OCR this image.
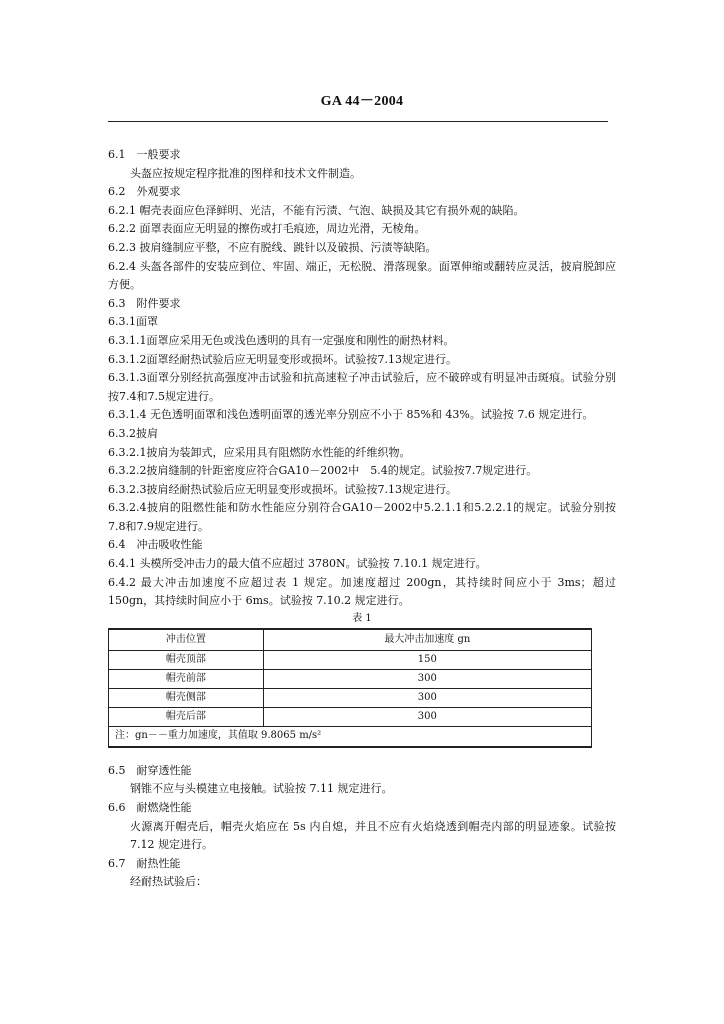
GA 44－2004
6.1　一般要求
头盔应按规定程序批准的图样和技术文件制造。
6.2　外观要求
6.2.1 帽壳表面应色泽鲜明、光洁，不能有污渍、气泡、缺损及其它有损外观的缺陷。
6.2.2 面罩表面应无明显的擦伤或打毛痕迹，周边光滑，无棱角。
6.2.3 披肩缝制应平整，不应有脱线、跳针以及破损、污渍等缺陷。
6.2.4 头盔各部件的安装应到位、牢固、端正，无松脱、滑落现象。面罩伸缩或翻转应灵活，披肩脱卸应方便。
6.3　附件要求
6.3.1面罩
6.3.1.1面罩应采用无色或浅色透明的具有一定强度和刚性的耐热材料。
6.3.1.2面罩经耐热试验后应无明显变形或损坏。试验按7.13规定进行。
6.3.1.3面罩分别经抗高强度冲击试验和抗高速粒子冲击试验后，应不破碎或有明显冲击斑痕。试验分别按7.4和7.5规定进行。
6.3.1.4 无色透明面罩和浅色透明面罩的透光率分别应不小于 85%和 43%。试验按 7.6 规定进行。
6.3.2披肩
6.3.2.1披肩为装卸式，应采用具有阻燃防水性能的纤维织物。
6.3.2.2披肩缝制的针距密度应符合GA10－2002中　5.4的规定。试验按7.7规定进行。
6.3.2.3披肩经耐热试验后应无明显变形或损坏。试验按7.13规定进行。
6.3.2.4披肩的阻燃性能和防水性能应分别符合GA10－2002中5.2.1.1和5.2.2.1的规定。试验分别按7.8和7.9规定进行。
6.4　冲击吸收性能
6.4.1 头模所受冲击力的最大值不应超过 3780N。试验按 7.10.1 规定进行。
6.4.2 最大冲击加速度不应超过表 1 规定。加速度超过 200gn，其持续时间应小于 3ms；超过150gn，其持续时间应小于 6ms。试验按 7.10.2 规定进行。
表 1
冲击位置	最大冲击加速度 gn
帽壳顶部	150
帽壳前部	300
帽壳侧部	300
帽壳后部	300
注：gn－－重力加速度，其值取 9.8065 m/s²	
6.5　耐穿透性能
钢锥不应与头模建立电接触。试验按 7.11 规定进行。
6.6　耐燃烧性能
火源离开帽壳后，帽壳火焰应在 5s 内自熄，并且不应有火焰烧透到帽壳内部的明显迹象。试验按 7.12 规定进行。
6.7　耐热性能
经耐热试验后：
